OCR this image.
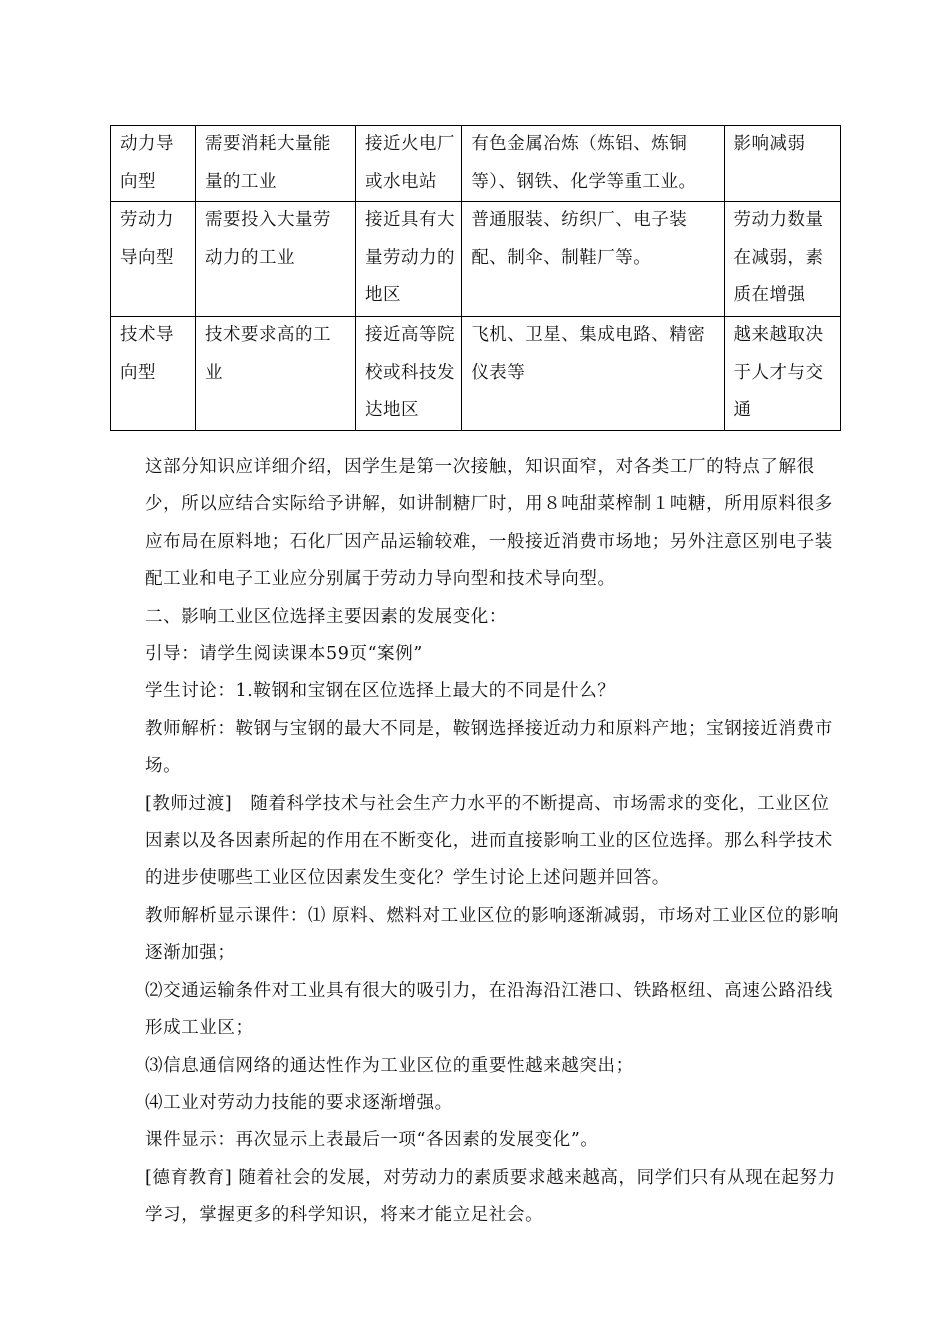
动力导向型	需要消耗大量能量的工业	接近火电厂或水电站	有色金属冶炼（炼铝、炼铜等）、钢铁、化学等重工业。	影响减弱
劳动力导向型	需要投入大量劳动力的工业	接近具有大量劳动力的地区	普通服装、纺织厂、电子装配、制伞、制鞋厂等。	劳动力数量在减弱，素质在增强
技术导向型	技术要求高的工业	接近高等院校或科技发达地区	飞机、卫星、集成电路、精密仪表等	越来越取决于人才与交通

这部分知识应详细介绍，因学生是第一次接触，知识面窄，对各类工厂的特点了解很少，所以应结合实际给予讲解，如讲制糖厂时，用８吨甜菜榨制１吨糖，所用原料很多应布局在原料地；石化厂因产品运输较难，一般接近消费市场地；另外注意区别电子装配工业和电子工业应分别属于劳动力导向型和技术导向型。

二、影响工业区位选择主要因素的发展变化：

引导：请学生阅读课本59页“案例”

学生讨论：1.鞍钢和宝钢在区位选择上最大的不同是什么？

教师解析：鞍钢与宝钢的最大不同是，鞍钢选择接近动力和原料产地；宝钢接近消费市场。

[教师过渡]　随着科学技术与社会生产力水平的不断提高、市场需求的变化，工业区位因素以及各因素所起的作用在不断变化，进而直接影响工业的区位选择。那么科学技术的进步使哪些工业区位因素发生变化？学生讨论上述问题并回答。

教师解析显示课件：⑴ 原料、燃料对工业区位的影响逐渐减弱，市场对工业区位的影响逐渐加强；

⑵交通运输条件对工业具有很大的吸引力，在沿海沿江港口、铁路枢纽、高速公路沿线形成工业区；

⑶信息通信网络的通达性作为工业区位的重要性越来越突出；

⑷工业对劳动力技能的要求逐渐增强。

课件显示：再次显示上表最后一项“各因素的发展变化”。

[德育教育] 随着社会的发展，对劳动力的素质要求越来越高，同学们只有从现在起努力学习，掌握更多的科学知识，将来才能立足社会。
